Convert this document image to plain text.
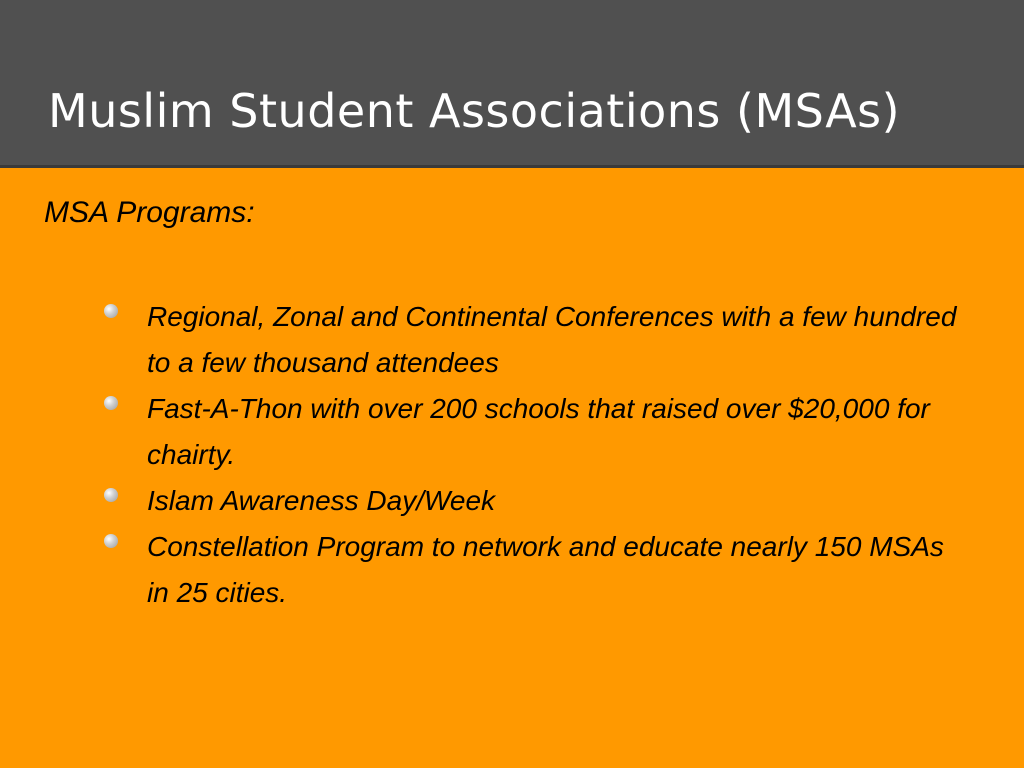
Muslim Student Associations (MSAs)
MSA Programs:
Regional, Zonal and Continental Conferences with a few hundred to a few thousand attendees
Fast-A-Thon with over 200 schools that raised over $20,000 for chairty.
Islam Awareness Day/Week
Constellation Program to network and educate nearly 150 MSAs in 25 cities.
